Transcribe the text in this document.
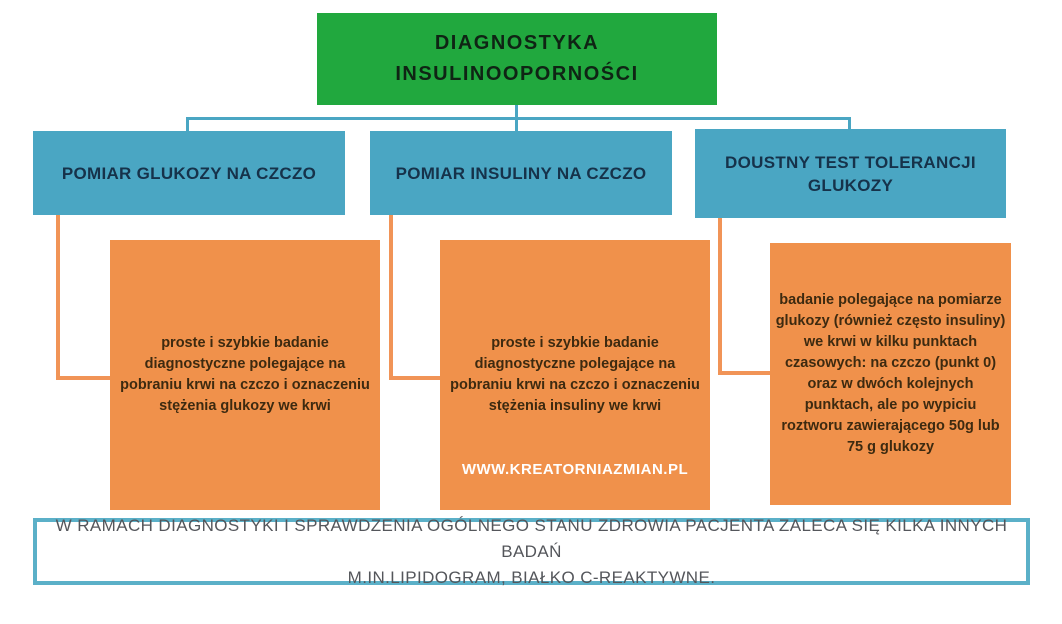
DIAGNOSTYKA
INSULINOOPORNOŚCI
POMIAR GLUKOZY NA CZCZO	POMIAR INSULINY NA CZCZO
DOUSTNY TEST TOLERANCJI GLUKOZY
proste i szybkie badanie diagnostyczne polegające na pobraniu krwi na czczo i oznaczeniu stężenia glukozy we krwi
proste i szybkie badanie diagnostyczne polegające na pobraniu krwi na czczo i oznaczeniu stężenia insuliny we krwi
WWW.KREATORNIAZMIAN.PL
badanie polegające na pomiarze glukozy (również często insuliny) we krwi w kilku punktach czasowych: na czczo (punkt 0) oraz w dwóch kolejnych punktach, ale po wypiciu roztworu zawierającego 50g lub 75 g glukozy
W RAMACH DIAGNOSTYKI I SPRAWDZENIA OGÓLNEGO STANU ZDROWIA PACJENTA ZALECA SIĘ KILKA INNYCH BADAŃ
M.IN.LIPIDOGRAM, BIAŁKO C-REAKTYWNE.
